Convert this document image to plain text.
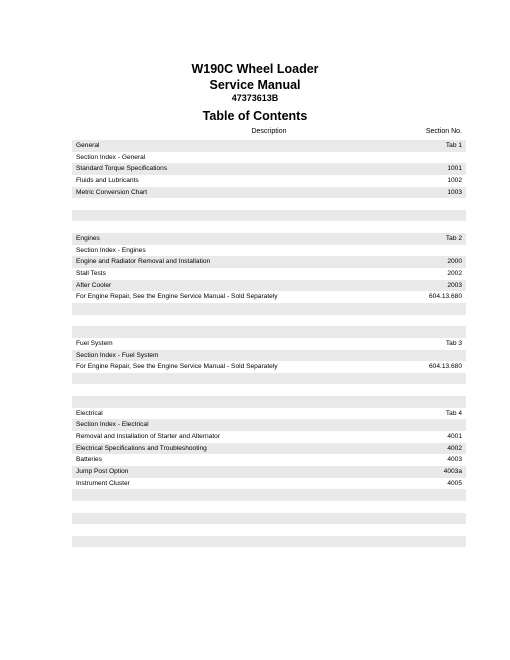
W190C Wheel Loader
Service Manual
47373613B
Table of Contents
Description	Section No.
General	Tab 1
Section Index - General
Standard Torque Specifications	1001
Fluids and Lubricants	1002
Metric Conversion Chart	1003
Engines	Tab 2
Section Index - Engines
Engine and Radiator Removal and Installation	2000
Stall Tests	2002
After Cooler	2003
For Engine Repair, See the Engine Service Manual - Sold Separately	604.13.680
Fuel System	Tab 3
Section Index - Fuel System
For Engine Repair, See the Engine Service Manual - Sold Separately	604.13.680
Electrical	Tab 4
Section Index - Electrical
Removal and Installation of Starter and Alternator	4001
Electrical Specifications and Troubleshooting	4002
Batteries	4003
Jump Post Option	4003a
Instrument Cluster	4005
